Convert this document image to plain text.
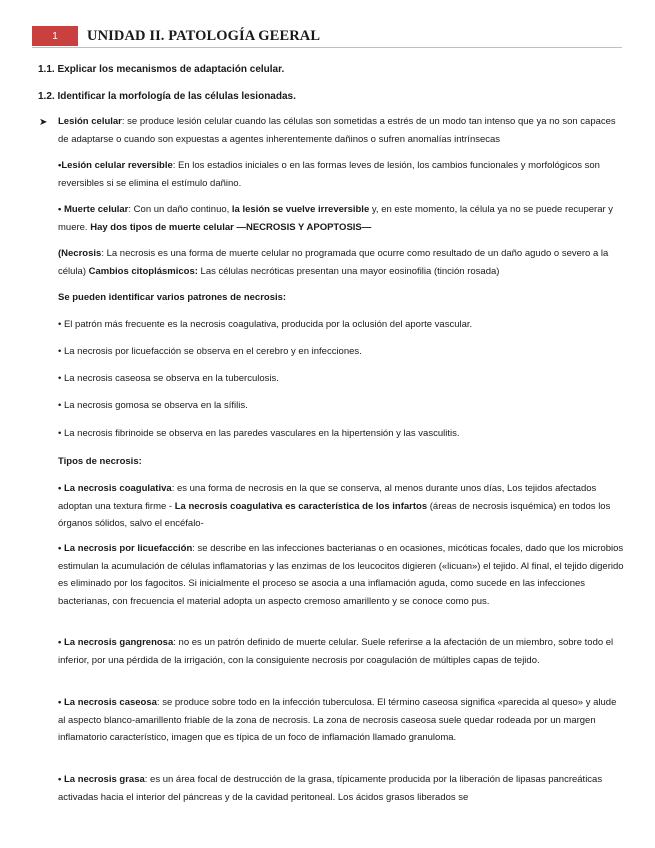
1	UNIDAD II. PATOLOGÍA GEERAL
1.1. Explicar los mecanismos de adaptación celular.
1.2. Identificar la morfología de las células lesionadas.
➤ Lesión celular: se produce lesión celular cuando las células son sometidas a estrés de un modo tan intenso que ya no son capaces de adaptarse o cuando son expuestas a agentes inherentemente dañinos o sufren anomalías intrínsecas

•Lesión celular reversible: En los estadios iniciales o en las formas leves de lesión, los cambios funcionales y morfológicos son reversibles si se elimina el estímulo dañino.

• Muerte celular: Con un daño continuo, la lesión se vuelve irreversible y, en este momento, la célula ya no se puede recuperar y muere. Hay dos tipos de muerte celular —NECROSIS Y APOPTOSIS—

(Necrosis: La necrosis es una forma de muerte celular no programada que ocurre como resultado de un daño agudo o severo a la célula) Cambios citoplásmicos: Las células necróticas presentan una mayor eosinofilia (tinción rosada)

Se pueden identificar varios patrones de necrosis:

• El patrón más frecuente es la necrosis coagulativa, producida por la oclusión del aporte vascular.
• La necrosis por licuefacción se observa en el cerebro y en infecciones.
• La necrosis caseosa se observa en la tuberculosis.
• La necrosis gomosa se observa en la sífilis.
• La necrosis fibrinoide se observa en las paredes vasculares en la hipertensión y las vasculitis.

Tipos de necrosis:

• La necrosis coagulativa: es una forma de necrosis en la que se conserva, al menos durante unos días, Los tejidos afectados adoptan una textura firme - La necrosis coagulativa es característica de los infartos (áreas de necrosis isquémica) en todos los órganos sólidos, salvo el encéfalo-

• La necrosis por licuefacción: se describe en las infecciones bacterianas o en ocasiones, micóticas focales, dado que los microbios estimulan la acumulación de células inflamatorias y las enzimas de los leucocitos digieren («licuan») el tejido. Al final, el tejido digerido es eliminado por los fagocitos. Si inicialmente el proceso se asocia a una inflamación aguda, como sucede en las infecciones bacterianas, con frecuencia el material adopta un aspecto cremoso amarillento y se conoce como pus.

• La necrosis gangrenosa: no es un patrón definido de muerte celular. Suele referirse a la afectación de un miembro, sobre todo el inferior, por una pérdida de la irrigación, con la consiguiente necrosis por coagulación de múltiples capas de tejido.

• La necrosis caseosa: se produce sobre todo en la infección tuberculosa. El término caseosa significa «parecida al queso» y alude al aspecto blanco-amarillento friable de la zona de necrosis. La zona de necrosis caseosa suele quedar rodeada por un margen inflamatorio característico, imagen que es típica de un foco de inflamación llamado granuloma.

• La necrosis grasa: es un área focal de destrucción de la grasa, típicamente producida por la liberación de lipasas pancreáticas activadas hacia el interior del páncreas y de la cavidad peritoneal. Los ácidos grasos liberados se
